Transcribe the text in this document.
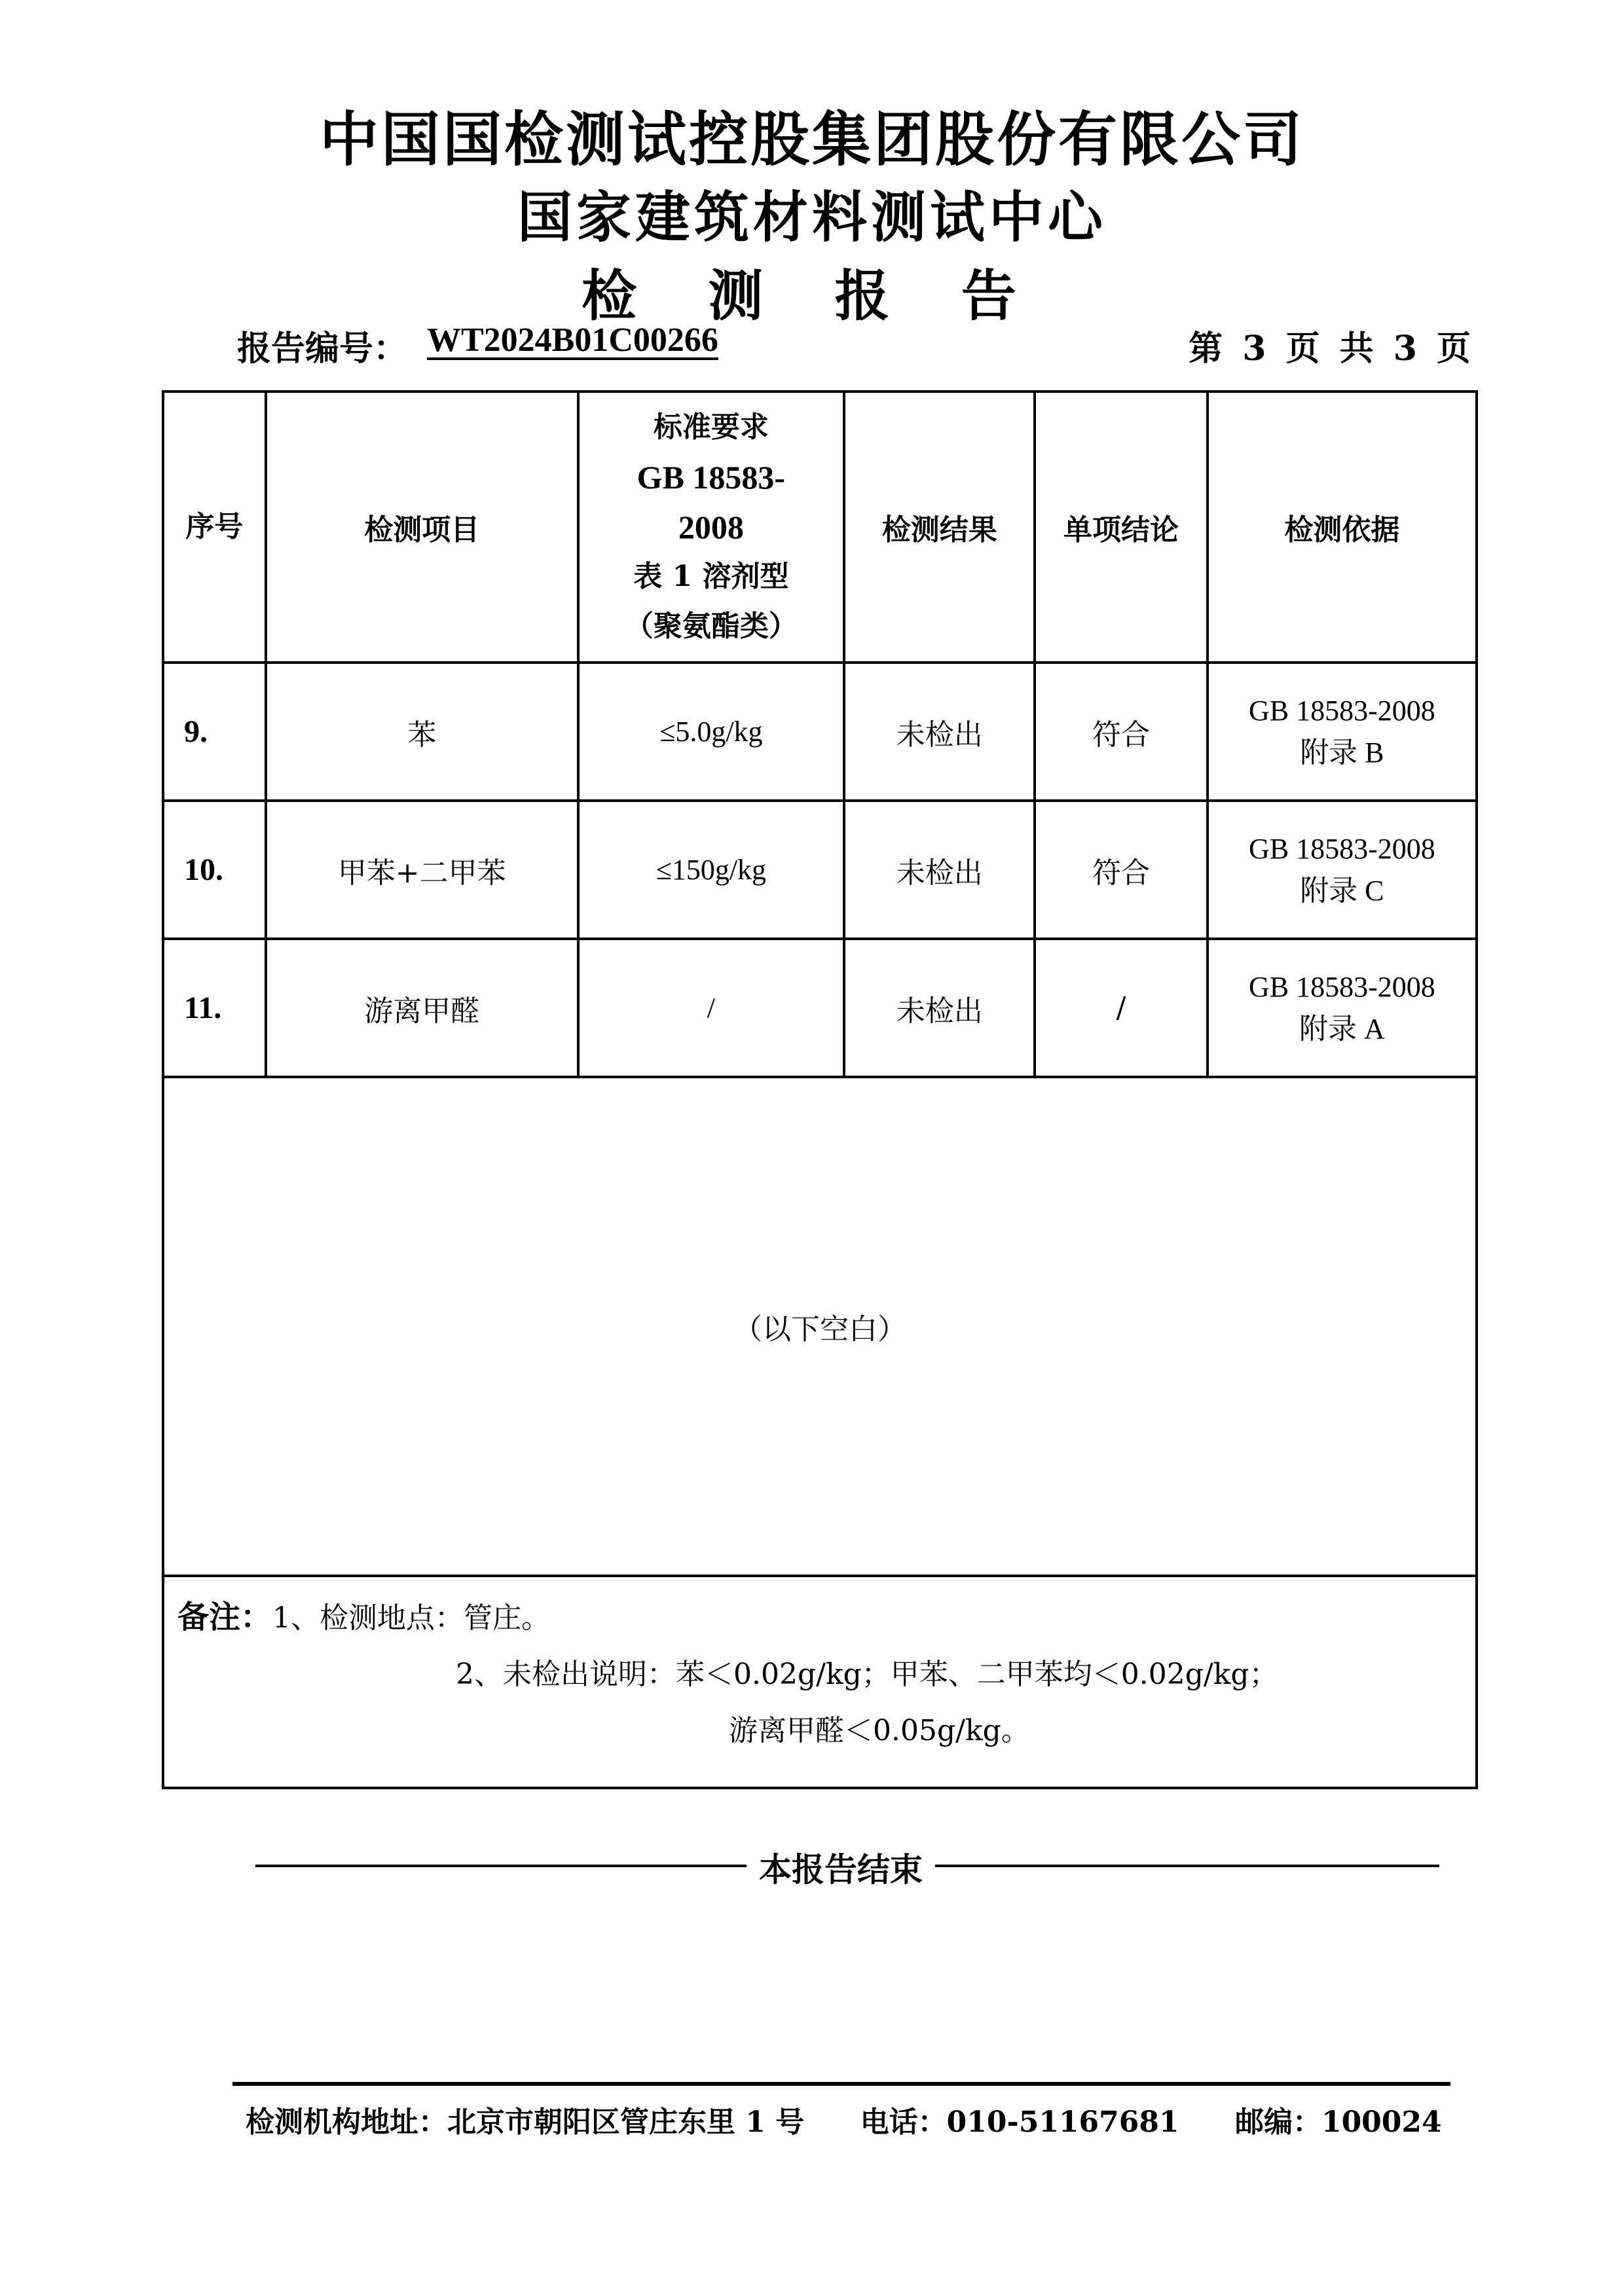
中国国检测试控股集团股份有限公司
国家建筑材料测试中心
检 测 报 告
报告编号： WT2024B01C00266	第 3 页 共 3 页
序号	检测项目	标准要求
GB 18583-
2008
表 1 溶剂型
（聚氨酯类）	检测结果	单项结论	检测依据
9.	苯	≤5.0g/kg	未检出	符合	GB 18583-2008
附录 B

10.	甲苯+二甲苯	≤150g/kg	未检出	符合	GB 18583-2008
附录 C

11.	游离甲醛	/	未检出	/	GB 18583-2008
附录 A

（以下空白）					

备注： 1、检测地点：管庄。
2、未检出说明：苯＜0.02g/kg；甲苯、二甲苯均＜0.02g/kg；
游离甲醛＜0.05g/kg。					
本报告结束
检测机构地址：北京市朝阳区管庄东里 1 号 电话：010-51167681 邮编：100024
